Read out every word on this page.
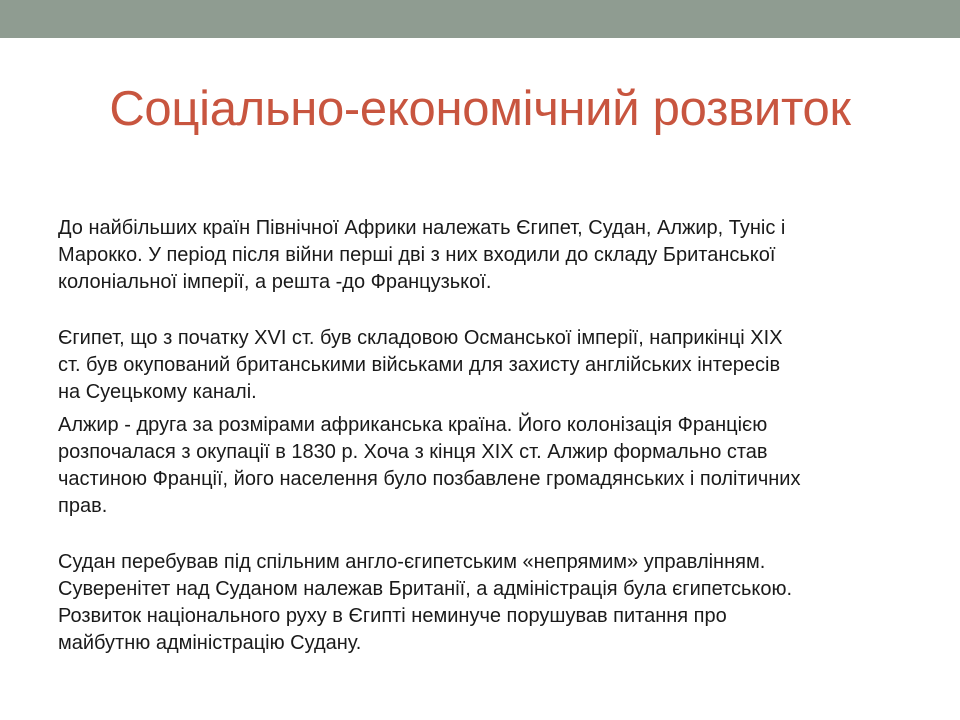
Соціально-економічний розвиток

До найбільших країн Північної Африки належать Єгипет, Судан, Алжир, Туніс і
Марокко. У період після війни перші дві з них входили до складу Британської
колоніальної імперії, а решта -до Французької.

Єгипет, що з початку XVI ст. був складовою Османської імперії, наприкінці XIX
ст. був окупований британськими військами для захисту англійських інтересів
на Суецькому каналі.

Алжир - друга за розмірами африканська країна. Його колонізація Францією
розпочалася з окупації в 1830 р. Хоча з кінця XIX ст. Алжир формально став
частиною Франції, його населення було позбавлене громадянських і політичних
прав.

Судан перебував під спільним англо-єгипетським «непрямим» управлінням.
Суверенітет над Суданом належав Британії, а адміністрація була єгипетською.
Розвиток національного руху в Єгипті неминуче порушував питання про
майбутню адміністрацію Судану.
